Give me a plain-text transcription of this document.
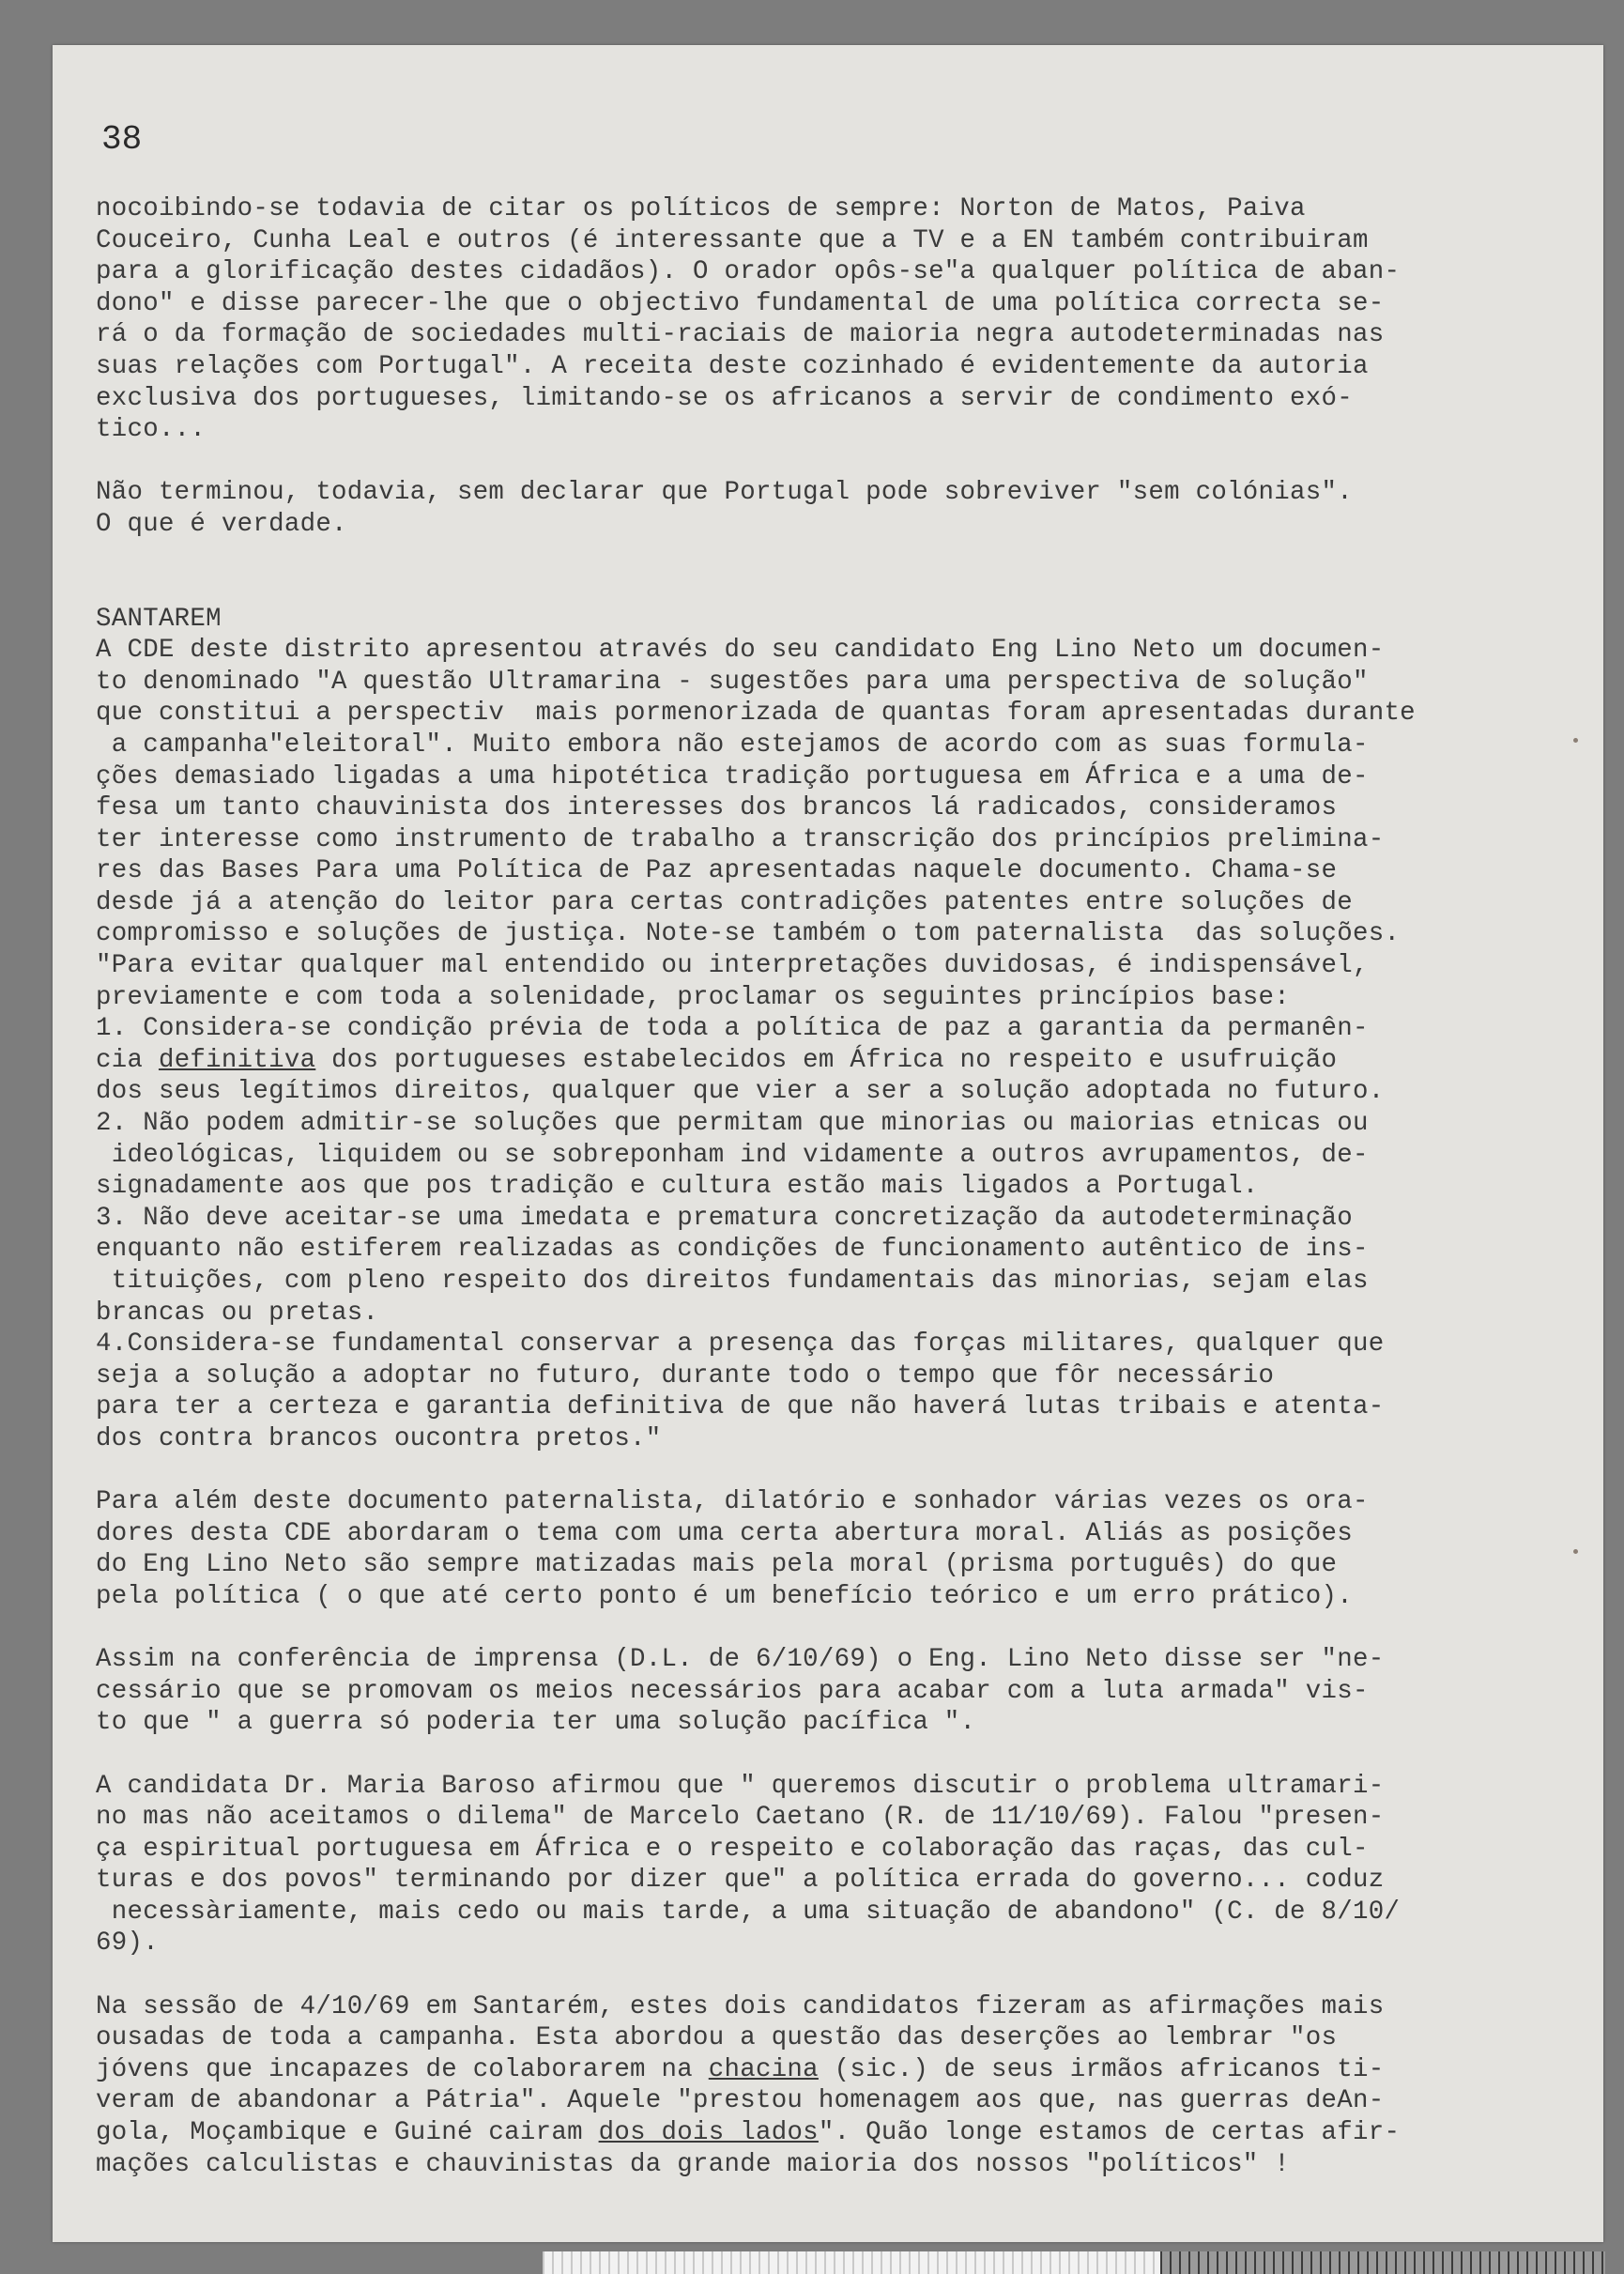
38
nocoibindo-se todavia de citar os políticos de sempre: Norton de Matos, Paiva
Couceiro, Cunha Leal e outros (é interessante que a TV e a EN também contribuiram
para a glorificação destes cidadãos). O orador opôs-se"a qualquer política de aban-
dono" e disse parecer-lhe que o objectivo fundamental de uma política correcta se-
rá o da formação de sociedades multi-raciais de maioria negra autodeterminadas nas
suas relações com Portugal". A receita deste cozinhado é evidentemente da autoria
exclusiva dos portugueses, limitando-se os africanos a servir de condimento exó-
tico...
Não terminou, todavia, sem declarar que Portugal pode sobreviver "sem colónias".
O que é verdade.
SANTAREM
A CDE deste distrito apresentou através do seu candidato Eng Lino Neto um documen-
to denominado "A questão Ultramarina - sugestões para uma perspectiva de solução"
que constitui a perspectiv  mais pormenorizada de quantas foram apresentadas durante
a campanha"eleitoral". Muito embora não estejamos de acordo com as suas formula-
ções demasiado ligadas a uma hipotética tradição portuguesa em África e a uma de-
fesa um tanto chauvinista dos interesses dos brancos lá radicados, consideramos
ter interesse como instrumento de trabalho a transcrição dos princípios prelimina-
res das Bases Para uma Política de Paz apresentadas naquele documento. Chama-se
desde já a atenção do leitor para certas contradições patentes entre soluções de
compromisso e soluções de justiça. Note-se também o tom paternalista  das soluções.
"Para evitar qualquer mal entendido ou interpretações duvidosas, é indispensável,
previamente e com toda a solenidade, proclamar os seguintes princípios base:
1. Considera-se condição prévia de toda a política de paz a garantia da permanên-
cia definitiva dos portugueses estabelecidos em África no respeito e usufruição
dos seus legítimos direitos, qualquer que vier a ser a solução adoptada no futuro.
2. Não podem admitir-se soluções que permitam que minorias ou maiorias etnicas ou
ideológicas, liquidem ou se sobreponham ind vidamente a outros avrupamentos, de-
signadamente aos que pos tradição e cultura estão mais ligados a Portugal.
3. Não deve aceitar-se uma imedata e prematura concretização da autodeterminação
enquanto não estiferem realizadas as condições de funcionamento autêntico de ins-
tituições, com pleno respeito dos direitos fundamentais das minorias, sejam elas
brancas ou pretas.
4.Considera-se fundamental conservar a presença das forças militares, qualquer que
seja a solução a adoptar no futuro, durante todo o tempo que fôr necessário
para ter a certeza e garantia definitiva de que não haverá lutas tribais e atenta-
dos contra brancos oucontra pretos."
Para além deste documento paternalista, dilatório e sonhador várias vezes os ora-
dores desta CDE abordaram o tema com uma certa abertura moral. Aliás as posições
do Eng Lino Neto são sempre matizadas mais pela moral (prisma português) do que
pela política ( o que até certo ponto é um benefício teórico e um erro prático).
Assim na conferência de imprensa (D.L. de 6/10/69) o Eng. Lino Neto disse ser "ne-
cessário que se promovam os meios necessários para acabar com a luta armada" vis-
to que " a guerra só poderia ter uma solução pacífica ".
A candidata Dr. Maria Baroso afirmou que " queremos discutir o problema ultramari-
no mas não aceitamos o dilema" de Marcelo Caetano (R. de 11/10/69). Falou "presen-
ça espiritual portuguesa em África e o respeito e colaboração das raças, das cul-
turas e dos povos" terminando por dizer que" a política errada do governo... coduz
necessàriamente, mais cedo ou mais tarde, a uma situação de abandono" (C. de 8/10/
69).
Na sessão de 4/10/69 em Santarém, estes dois candidatos fizeram as afirmações mais
ousadas de toda a campanha. Esta abordou a questão das deserções ao lembrar "os
jóvens que incapazes de colaborarem na chacina (sic.) de seus irmãos africanos ti-
veram de abandonar a Pátria". Aquele "prestou homenagem aos que, nas guerras deAn-
gola, Moçambique e Guiné cairam dos dois lados". Quão longe estamos de certas afir-
mações calculistas e chauvinistas da grande maioria dos nossos "políticos" !
